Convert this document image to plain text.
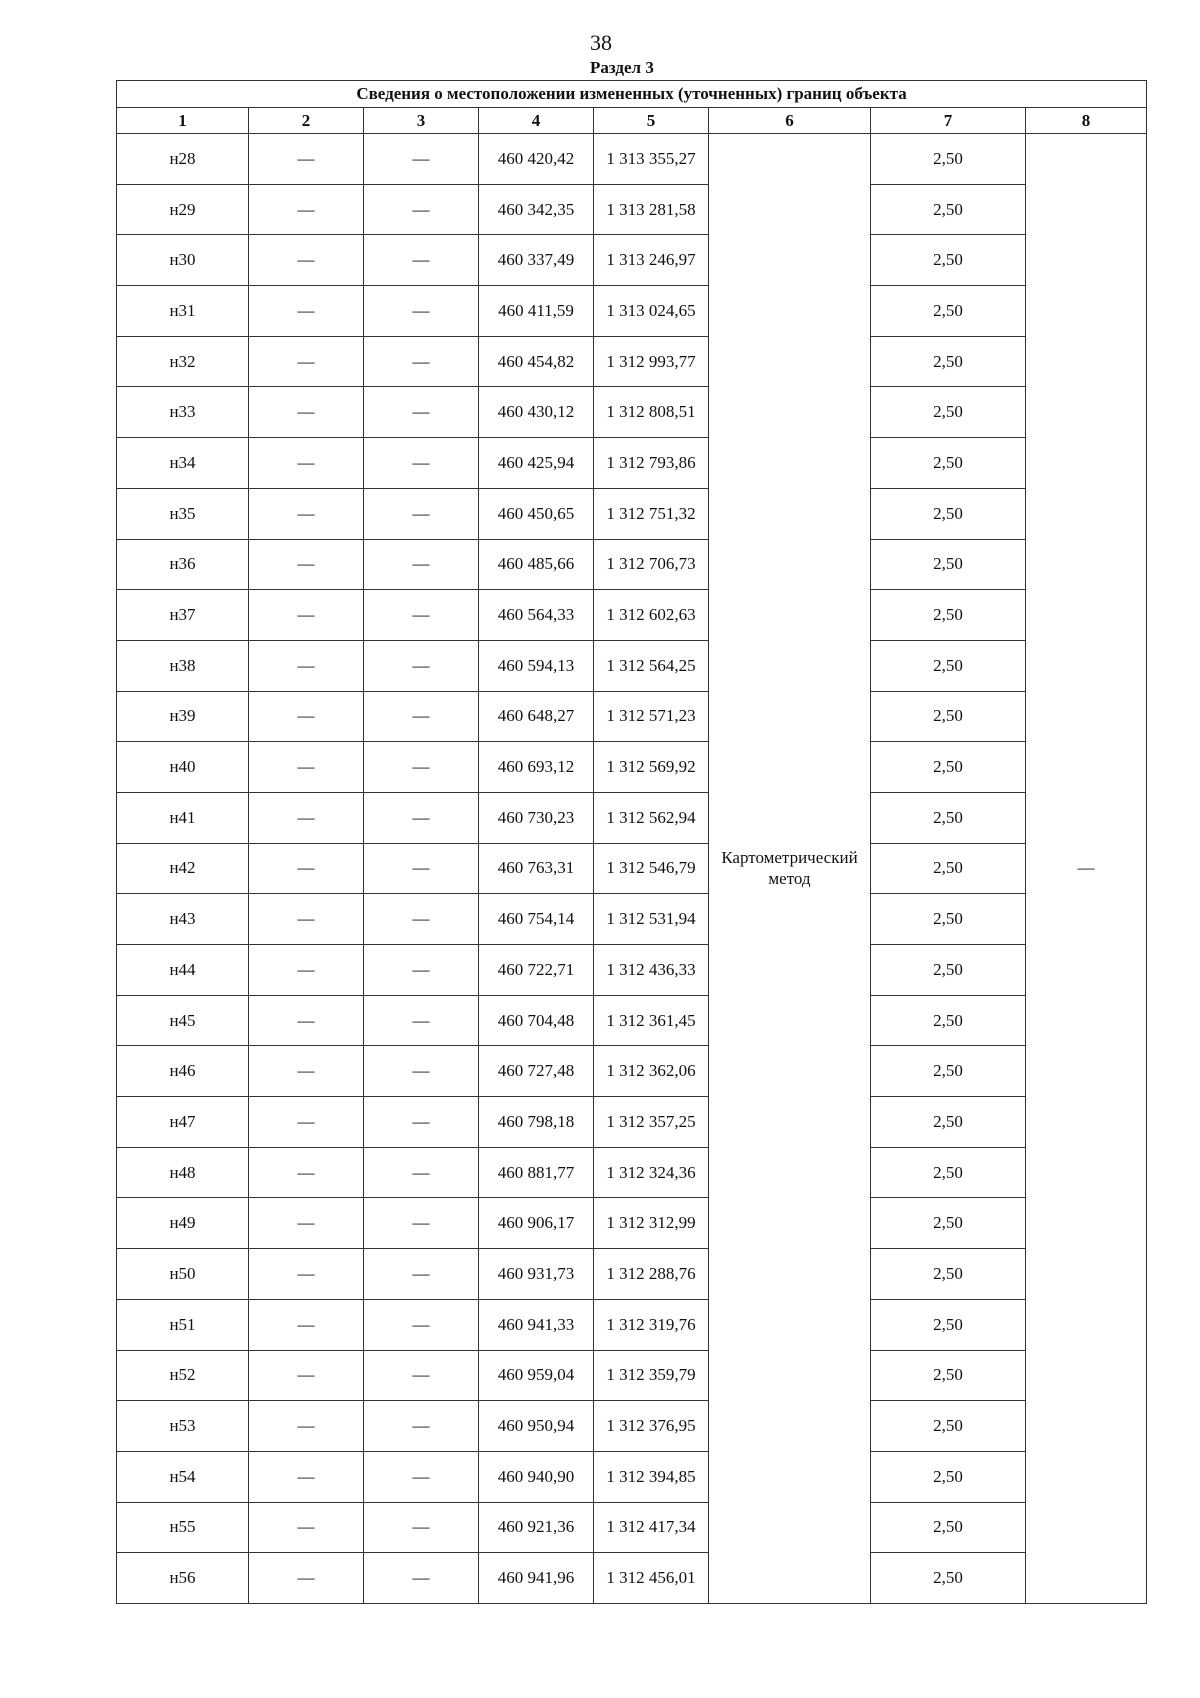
38
Раздел 3
Сведения о местоположении измененных (уточненных) границ объекта							
1	2	3	4	5	6	7	8
н28	—	—	460 420,42	1 313 355,27	Картометрический метод	2,50	—
н29	—	—	460 342,35	1 313 281,58		2,50	
н30	—	—	460 337,49	1 313 246,97		2,50	
н31	—	—	460 411,59	1 313 024,65		2,50	
н32	—	—	460 454,82	1 312 993,77		2,50	
н33	—	—	460 430,12	1 312 808,51		2,50	
н34	—	—	460 425,94	1 312 793,86		2,50	
н35	—	—	460 450,65	1 312 751,32		2,50	
н36	—	—	460 485,66	1 312 706,73		2,50	
н37	—	—	460 564,33	1 312 602,63		2,50	
н38	—	—	460 594,13	1 312 564,25		2,50	
н39	—	—	460 648,27	1 312 571,23		2,50	
н40	—	—	460 693,12	1 312 569,92		2,50	
н41	—	—	460 730,23	1 312 562,94		2,50	
н42	—	—	460 763,31	1 312 546,79		2,50	
н43	—	—	460 754,14	1 312 531,94		2,50	
н44	—	—	460 722,71	1 312 436,33		2,50	
н45	—	—	460 704,48	1 312 361,45		2,50	
н46	—	—	460 727,48	1 312 362,06		2,50	
н47	—	—	460 798,18	1 312 357,25		2,50	
н48	—	—	460 881,77	1 312 324,36		2,50	
н49	—	—	460 906,17	1 312 312,99		2,50	
н50	—	—	460 931,73	1 312 288,76		2,50	
н51	—	—	460 941,33	1 312 319,76		2,50	
н52	—	—	460 959,04	1 312 359,79		2,50	
н53	—	—	460 950,94	1 312 376,95		2,50	
н54	—	—	460 940,90	1 312 394,85		2,50	
н55	—	—	460 921,36	1 312 417,34		2,50	
н56	—	—	460 941,96	1 312 456,01		2,50	
